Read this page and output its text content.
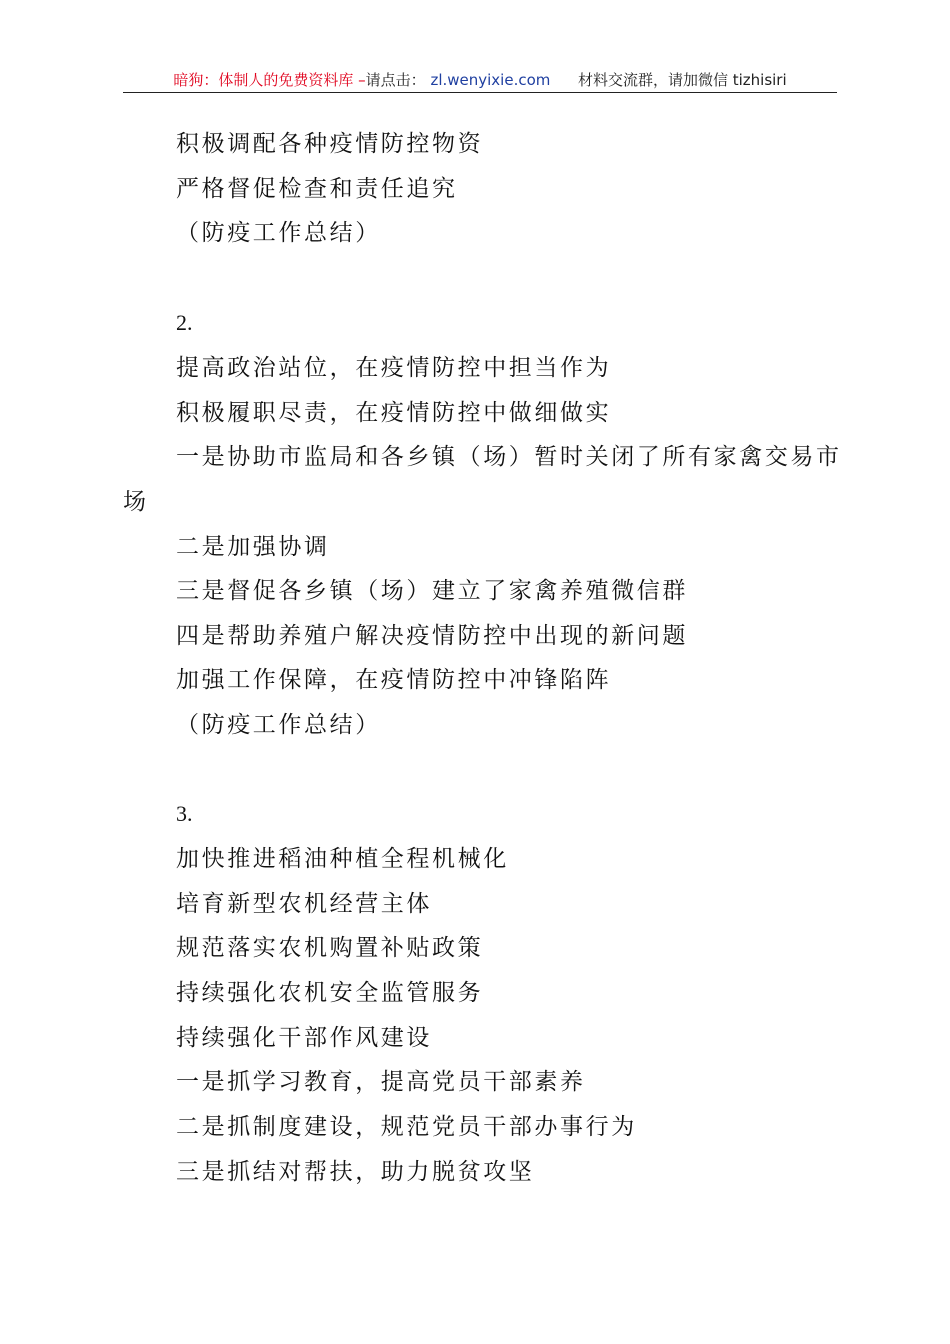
暗狗：体制人的免费资料库 –请点击： zl.wenyixie.com 材料交流群，请加微信 tizhisiri
积极调配各种疫情防控物资
严格督促检查和责任追究
（防疫工作总结）
2.
提高政治站位，在疫情防控中担当作为
积极履职尽责，在疫情防控中做细做实
一是协助市监局和各乡镇（场）暂时关闭了所有家禽交易市
场
二是加强协调
三是督促各乡镇（场）建立了家禽养殖微信群
四是帮助养殖户解决疫情防控中出现的新问题
加强工作保障，在疫情防控中冲锋陷阵
（防疫工作总结）
3.
加快推进稻油种植全程机械化
培育新型农机经营主体
规范落实农机购置补贴政策
持续强化农机安全监管服务
持续强化干部作风建设
一是抓学习教育，提高党员干部素养
二是抓制度建设，规范党员干部办事行为
三是抓结对帮扶，助力脱贫攻坚
